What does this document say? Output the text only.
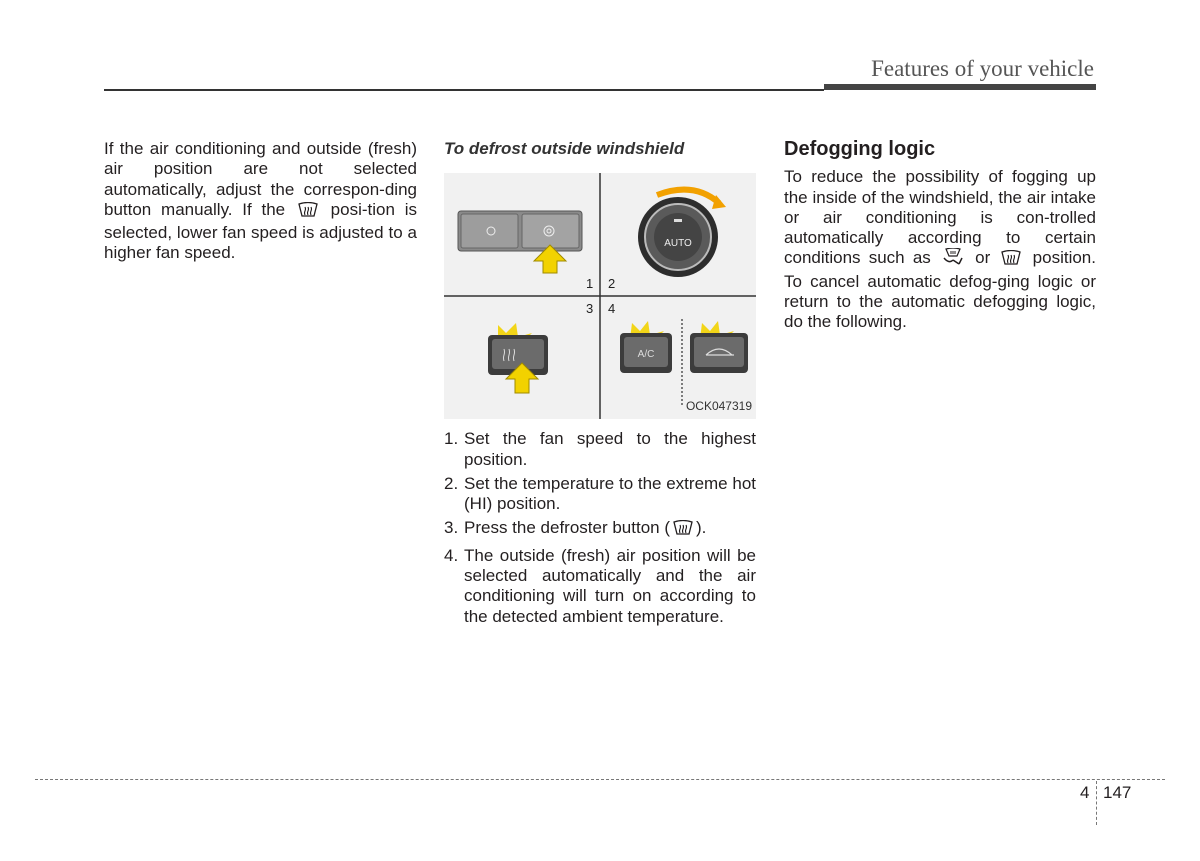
Features of your vehicle

If the air conditioning and outside (fresh) air position are not selected automatically, adjust the correspon-ding button manually. If the	posi-tion is selected, lower fan speed is adjusted to a higher fan speed.

To defrost outside windshield

AUTO
1 2
3 4
A/C
OCK047319
1. Set the fan speed to the highest position.
2. Set the temperature to the extreme hot (HI) position.
3. Press the defroster button ( ).
4. The outside (fresh) air position will be selected automatically and the air conditioning will turn on according to the detected ambient temperature.

Defogging logic

To reduce the possibility of fogging up the inside of the windshield, the air intake or air conditioning is con-trolled automatically according to certain conditions such as	or position. To cancel automatic defog-ging logic or return to the automatic defogging logic, do the following.

4 147
